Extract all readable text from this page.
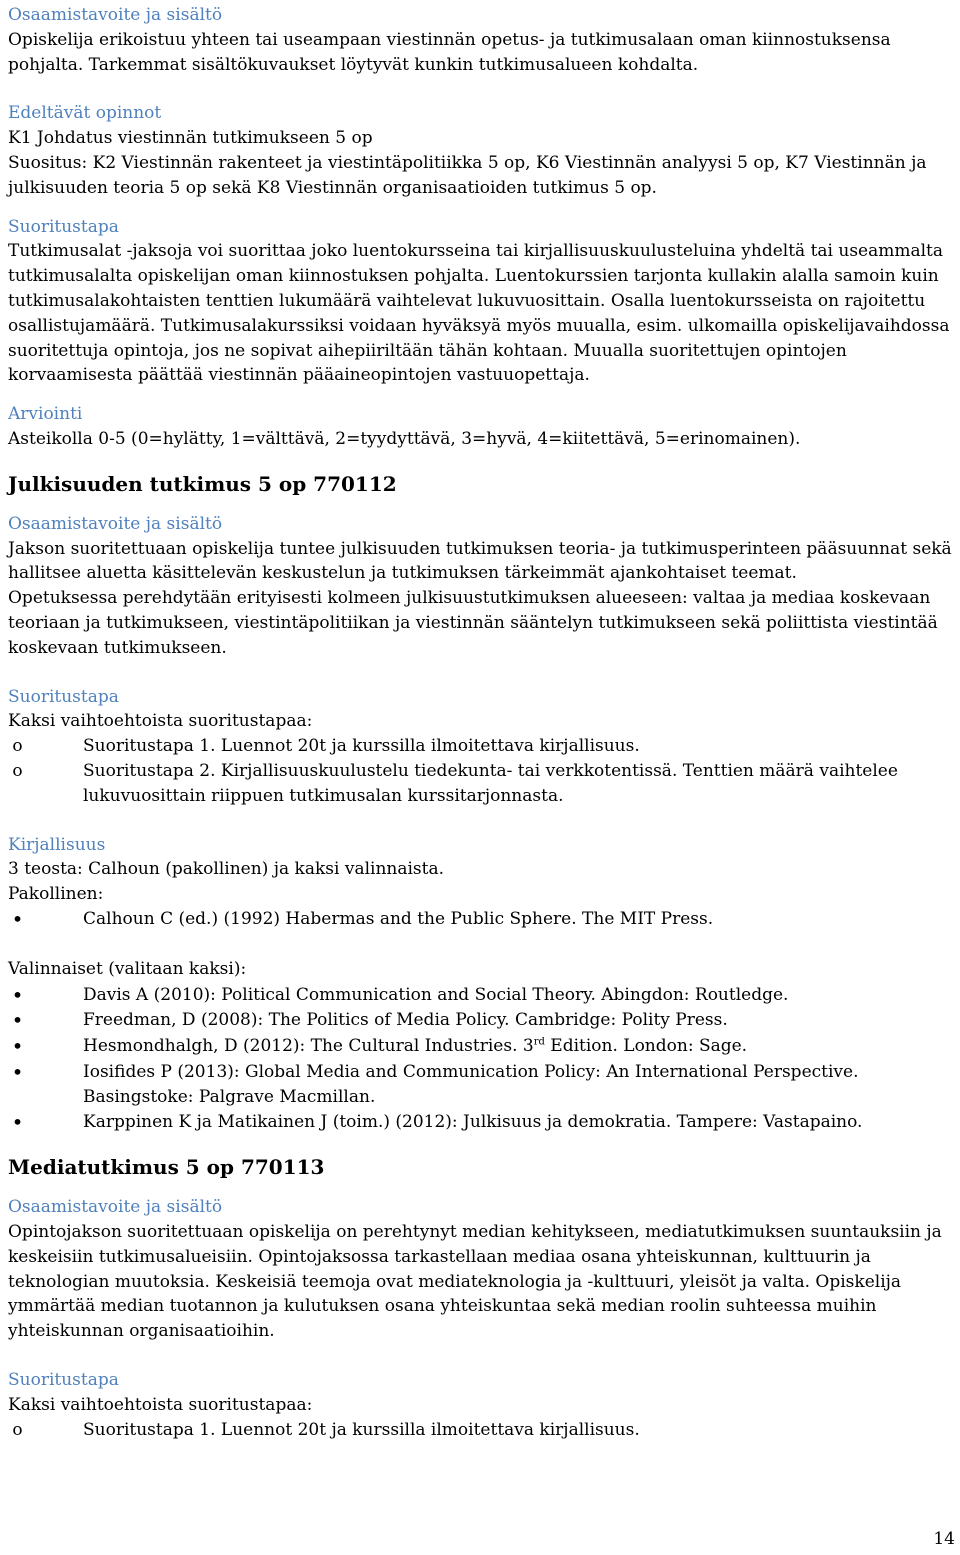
Osaamistavoite ja sisältö
Opiskelija erikoistuu yhteen tai useampaan viestinnän opetus- ja tutkimusalaan oman kiinnostuksensa pohjalta. Tarkemmat sisältökuvaukset löytyvät kunkin tutkimusalueen kohdalta.
Edeltävät opinnot
K1 Johdatus viestinnän tutkimukseen 5 op
Suositus: K2 Viestinnän rakenteet ja viestintäpolitiikka 5 op, K6 Viestinnän analyysi 5 op, K7 Viestinnän ja julkisuuden teoria 5 op sekä K8 Viestinnän organisaatioiden tutkimus 5 op.
Suoritustapa
Tutkimusalat -jaksoja voi suorittaa joko luentokursseina tai kirjallisuuskuulusteluina yhdeltä tai useammalta tutkimusalalta opiskelijan oman kiinnostuksen pohjalta. Luentokurssien tarjonta kullakin alalla samoin kuin tutkimusalakohtaisten tenttien lukumäärä vaihtelevat lukuvuosittain. Osalla luentokursseista on rajoitettu osallistujamäärä. Tutkimusalakurssiksi voidaan hyväksyä myös muualla, esim. ulkomailla opiskelijavaihdossa suoritettuja opintoja, jos ne sopivat aihepiiriltään tähän kohtaan. Muualla suoritettujen opintojen korvaamisesta päättää viestinnän pääaineopintojen vastuuopettaja.
Arviointi
Asteikolla 0-5 (0=hylätty, 1=välttävä, 2=tyydyttävä, 3=hyvä, 4=kiitettävä, 5=erinomainen).
Julkisuuden tutkimus 5 op 770112
Osaamistavoite ja sisältö
Jakson suoritettuaan opiskelija tuntee julkisuuden tutkimuksen teoria- ja tutkimusperinteen pääsuunnat sekä hallitsee aluetta käsittelevän keskustelun ja tutkimuksen tärkeimmät ajankohtaiset teemat.
Opetuksessa perehdytään erityisesti kolmeen julkisuustutkimuksen alueeseen: valtaa ja mediaa koskevaan teoriaan ja tutkimukseen, viestintäpolitiikan ja viestinnän sääntelyn tutkimukseen sekä poliittista viestintää koskevaan tutkimukseen.
Suoritustapa
Kaksi vaihtoehtoista suoritustapaa:
o	Suoritustapa 1. Luennot 20t ja kurssilla ilmoitettava kirjallisuus.
o	Suoritustapa 2. Kirjallisuuskuulustelu tiedekunta- tai verkkotentissä. Tenttien määrä vaihtelee lukuvuosittain riippuen tutkimusalan kurssitarjonnasta.
Kirjallisuus
3 teosta: Calhoun (pakollinen) ja kaksi valinnaista.
Pakollinen:
•	Calhoun C (ed.) (1992) Habermas and the Public Sphere. The MIT Press.
Valinnaiset (valitaan kaksi):
•	Davis A (2010): Political Communication and Social Theory. Abingdon: Routledge.
•	Freedman, D (2008): The Politics of Media Policy. Cambridge: Polity Press.
•	Hesmondhalgh, D (2012): The Cultural Industries. 3rd Edition. London: Sage.
•	Iosifides P (2013): Global Media and Communication Policy: An International Perspective. Basingstoke: Palgrave Macmillan.
•	Karppinen K ja Matikainen J (toim.) (2012): Julkisuus ja demokratia. Tampere: Vastapaino.
Mediatutkimus 5 op 770113
Osaamistavoite ja sisältö
Opintojakson suoritettuaan opiskelija on perehtynyt median kehitykseen, mediatutkimuksen suuntauksiin ja keskeisiin tutkimusalueisiin. Opintojaksossa tarkastellaan mediaa osana yhteiskunnan, kulttuurin ja teknologian muutoksia. Keskeisiä teemoja ovat mediateknologia ja -kulttuuri, yleisöt ja valta. Opiskelija ymmärtää median tuotannon ja kulutuksen osana yhteiskuntaa sekä median roolin suhteessa muihin yhteiskunnan organisaatioihin.
Suoritustapa
Kaksi vaihtoehtoista suoritustapaa:
o	Suoritustapa 1. Luennot 20t ja kurssilla ilmoitettava kirjallisuus.
14
